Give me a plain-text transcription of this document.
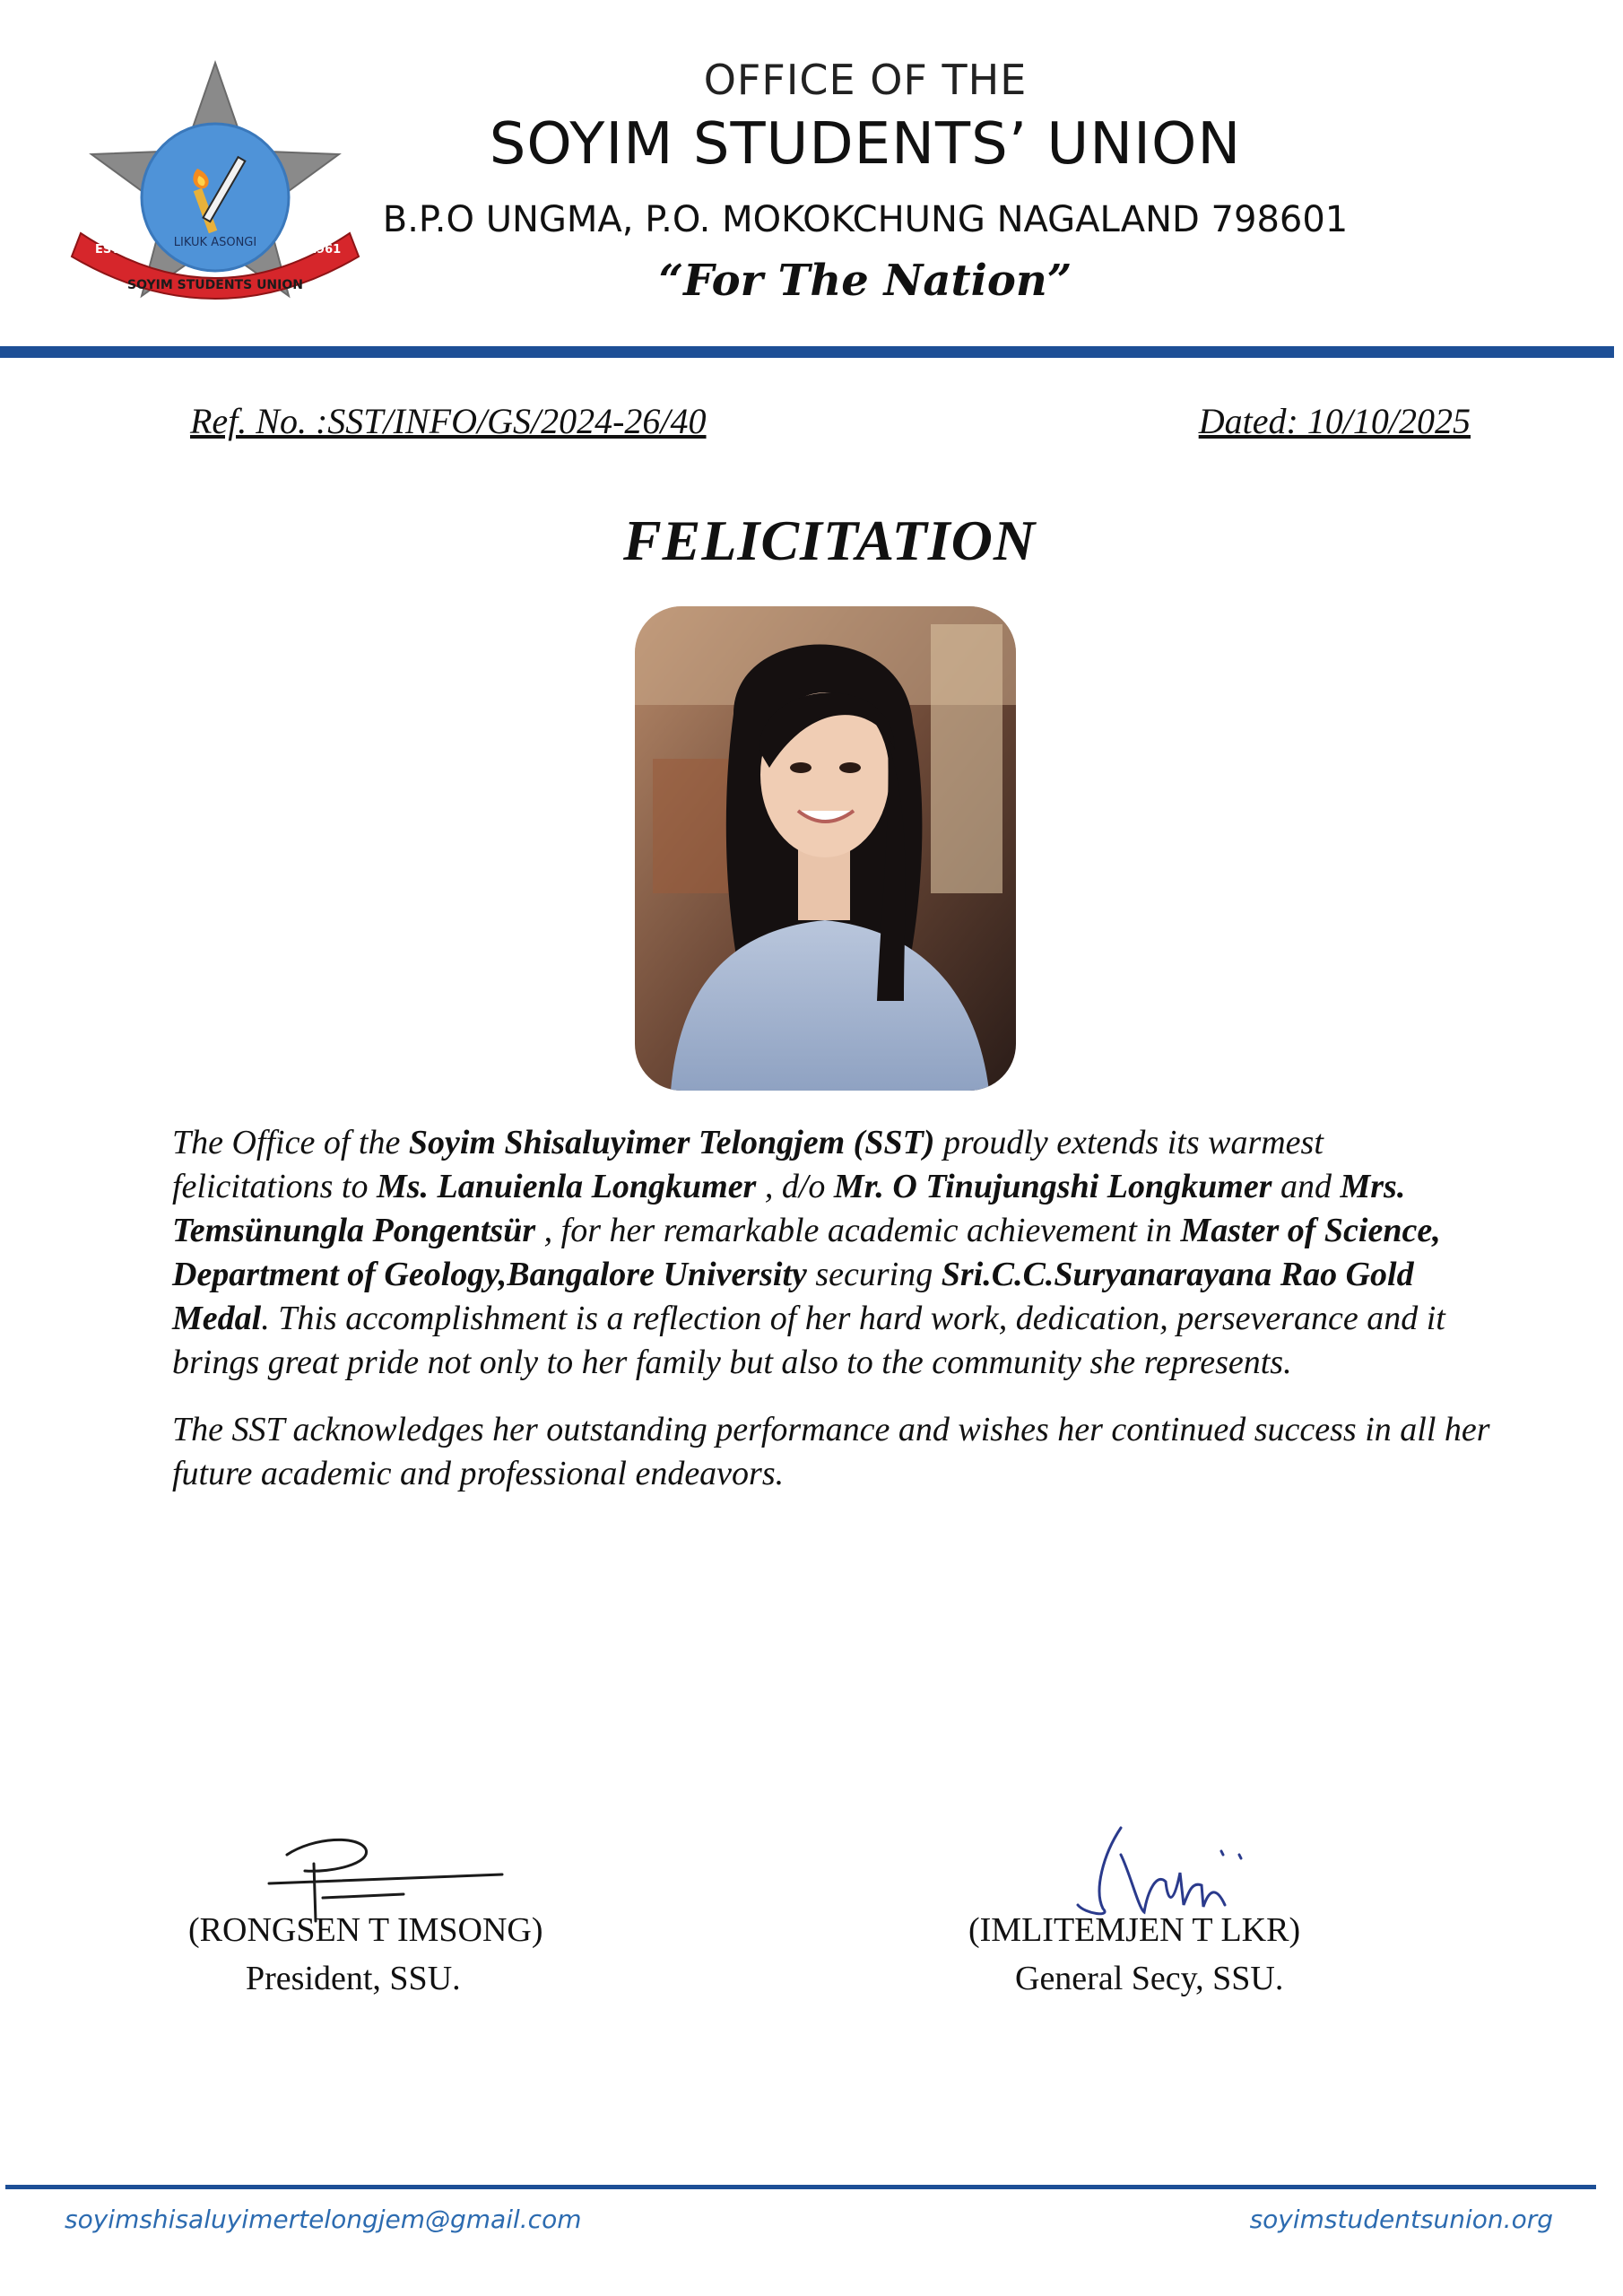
LIKUK ASONGI
SOYIM STUDENTS UNION
ESTD	1961
OFFICE OF THE
SOYIM STUDENTS’ UNION
B.P.O UNGMA, P.O. MOKOKCHUNG NAGALAND 798601
“For The Nation”
Ref. No. :SST/INFO/GS/2024-26/40	Dated: 10/10/2025
FELICITATION

The Office of the Soyim Shisaluyimer Telongjem (SST) proudly extends its warmest felicitations to Ms. Lanuienla Longkumer , d/o Mr. O Tinujungshi Longkumer and Mrs. Temsünungla Pongentsür , for her remarkable academic achievement in Master of Science, Department of Geology,Bangalore University securing Sri.C.C.Suryanarayana Rao Gold Medal. This accomplishment is a reflection of her hard work, dedication, perseverance and it brings great pride not only to her family but also to the community she represents.

The SST acknowledges her outstanding performance and wishes her continued success in all her future academic and professional endeavors.

(RONGSEN T IMSONG)
President, SSU.
(IMLITEMJEN T LKR)
General Secy, SSU.
soyimshisaluyimertelongjem@gmail.com	soyimstudentsunion.org
